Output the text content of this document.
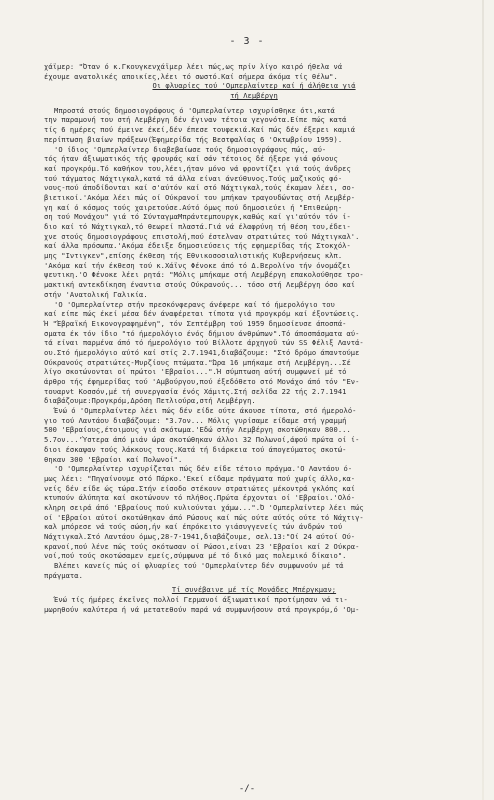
- 3 -
χάϊμερ: "Όταν ό κ.Γκουγκενχάϊμερ λέει πώς,ως πρίν λίγο καιρό ήθελα νά
έχουμε ανατολικές αποικίες,λέει τό σωστό.Καί σήμερα άκόμα τίς θέλω".
Οι φλυαρίες τού 'Ομπερλαίντερ καί ή άλήθεια γιά
τή Λεμβέργη
Μπροστά στούς δημοσιογράφους ό 'Ομπερλαίντερ ισχυρίσθηκε ότι,κατά
την παραμονή του στή Λεμβέργη δέν έγιναν τέτοια γεγονότα.Είπε πώς κατά
τίς 6 ημέρες πού έμεινε έκεί,δέν έπεσε τουφεκιά.Καί πώς δέν έξερει καμιά
περίπτωση βιαίων πράξεων(Έφημερίδα τής Βεστφαλίας 6 'Οκτωβρίου 1959).
'Ο ίδιος 'Ομπερλαίντερ διαβεβαίωσε τούς δημοσιογράφους πώς, αύ-
τός ήταν άξιωματικός τής φρουράς καί σάν τέτοιος δέ ήξερε γιά φόνους
καί προγκρόμ.Τό καθήκον του,λέει,ήταν μόνο νά φροντίζει γιά τούς άνδρες
τού τάγματος Νάχτιγκαλ,κατά τά άλλα είναι άνεύθυνος.Τούς μαζικούς φό-
νους-πού άποδίδονται καί σ'αύτόν καί στό Νάχτιγκαλ,τούς έκαμαν λέει, σο-
βιετικοί.'Ακόμα λέει πώς οί Ούκρανοί του μπήκαν τραγουδώντας στή Λεμβέρ-
γη καί ό κόσμος τούς χαιρετούσε.Αύτό όμως πού δημοσιεύει ή "Επιθεώρη-
ση τού Μονάχου" γιά τό ΣύνταγμαΜπράντεμπουργκ,καθώς καί γι'αύτόν τόν ί-
διο καί τό Νάχτιγκαλ,τό θεωρεί πλαστά.Γιά νά έλαφρύνη τή θέση του,έδει-
χνε στούς δημοσιογράφους επιστολή,πού έστελναν στρατιώτες τού Νάχτιγκαλ'.
καί άλλα πρόσωπα.'Ακόμα έδειξε δημοσιεύσεις τής εφημερίδας τής Στοκχόλ-
μης "Ιντιγκεν",επίσης έκθεση τής Εθνικοσοσιαλιστικής Κυβερνήσεως κλπ.
'Ακόμα καί τήν έκθεση τού κ.Χάϊνς Φένοκε άπό τό Δ.Βερολίνο τήν όνομάζει
ψευτικη.'Ο Φένοκε λέει ρητά: "Μόλις μπήκαμε στή Λεμβέργη επακολούθησε τρο-
μακτική αντεκδίκηση έναντια στούς Ούκρανούς... τόσο στή Λεμβέργη όσο καί
στήν 'Ανατολική Γαλικία.
'Ο 'Ομπερλαίντερ στήν πρεσκόνφερανς άνέφερε καί τό ήμερολόγιο του
καί είπε πώς έκεί μέσα δέν άναφέρεται τίποτα γιά προγκρόμ καί έξοντώσεις.
Ή "Έβραϊκή Εικονογραφημένη", τόν Σεπτέμβρη τού 1959 δημοσίευσε άποσπά-
σματα έκ τόν ίδιο "τό ήμερολόγιο ένός δήμιου άνθρώπων".Τό άποσπάσματα αύ-
τά είναι παρμένα άπό τό ήμερολόγιο τού Βίλλοτε άρχηγοϋ τών SS Φέλιξ Λαντά-
ου.Στό ήμερολόγιο αύτό καί στίς 2.7.1941,διαβάζουμε: "Στό δρόμο άπαντούμε
Ούκρανούς στρατιώτες-Μυρζίους πτώματα."Ώρα 16 μπήκαμε στή Λεμβέργη...Σέ
λίγο σκοτώνονται οί πρώτοι 'Εβραίοι...".Ή σύμπτωση αύτή συμφωνεί μέ τό
άρθρο τής έφημερίδας τού 'Αμβούργου,πού έξεδόθετο στό Μονάχο άπό τόν "Εν-
τουαρνt Κοσσόν,μέ τή συνεργασία ένός Χάμιτς.Στή σελίδα 22 τής 2.7.1941
διαβάζουμε:Προγκρόμ,Δρόση Πετλιούρα,στή Λεμβέργη.
Ένώ ό 'Ομπερλαίντερ λέει πώς δέν είδε ούτε άκουσε τίποτα, στό ήμερολό-
γιο τού Λαντάου διαβάζουμε: "3.7ον... Μόλις γυρίσαμε είδαμε στή γραμμή
500 'Εβραίους,έτοιμους γιά σκότωμα.'Εδώ στήν Λεμβέργη σκοτώθηκαν 800...
5.7ον...'Ύστερα άπό μιάν ώρα σκοτώθηκαν άλλοι 32 Πολωνοί,άφού πρώτα οί ί-
διοι έσκαψαν τούς λάκκους τους.Κατά τή διάρκεια τού άπογεύματος σκοτώ-
θηκαν 300 'Εβραίοι καί Πολωνοί".
'Ο 'Ομπερλαίντερ ισχυρίζεται πώς δέν είδε τέτοιο πράγμα.'Ο Λαντάου ό-
μως λέει: "Πηγαίνουμε στό Πάρκο.'Εκεί είδαμε πράγματα πού χωρίς άλλο,κα-
νείς δέν είδε ώς τώρα.Στήν είσοδο στέκουν στρατιώτες μέκοντρά γκλόπς καί
κτυπούν άλύπητα καί σκοτώνουν τό πλήθος.Πρώτα έρχονται οί 'Εβραίοι.'Ολό-
κληρη σειρά άπό 'Εβραίους πού κυλιούνται χάμω...".Ό 'Ομπερλαίντερ λέει πώς
οί 'Εβραίοι αύτοί σκοτώθηκαν άπό Ρώσους καί πώς ούτε αύτός ούτε τό Νάχτιγ-
καλ μπόρεσε νά τούς σώση,ήν καί έπρόκειτο γιάσυγγενείς τών άνδρών τού
Νάχτιγκαλ.Στό Λαντάου όμως,28-7-1941,διαβάζουμε, σελ.13:"Οί 24 αύτοί Ού-
κρανοί,πού λένε πώς τούς σκότωσαν οί Ρώσοι,είναι 23 'Εβραίοι καί 2 Ούκρα-
νοί,πού τούς σκοτώσαμεν εμείς,σύμφωνα μέ τό δικό μας πολεμικό δίκαιο".
Βλέπει κανείς πώς οί φλυαρίες τού 'Ομπερλαίντερ δέν συμφωνούν μέ τά
πράγματα.
Τί συνέβαινε μέ τίς Μονάδες Μπέργκμαν;
Ένώ τίς ήμέρες έκεϊνες πολλοί Γερμανοί άξιωματικοί προτίμησαν νά τι-
μωρηθούν καλύτερα ή νά μετατεθούν παρά νά συμφωνήσουν στά προγκρόμ,ό 'Ομ-
-/-
